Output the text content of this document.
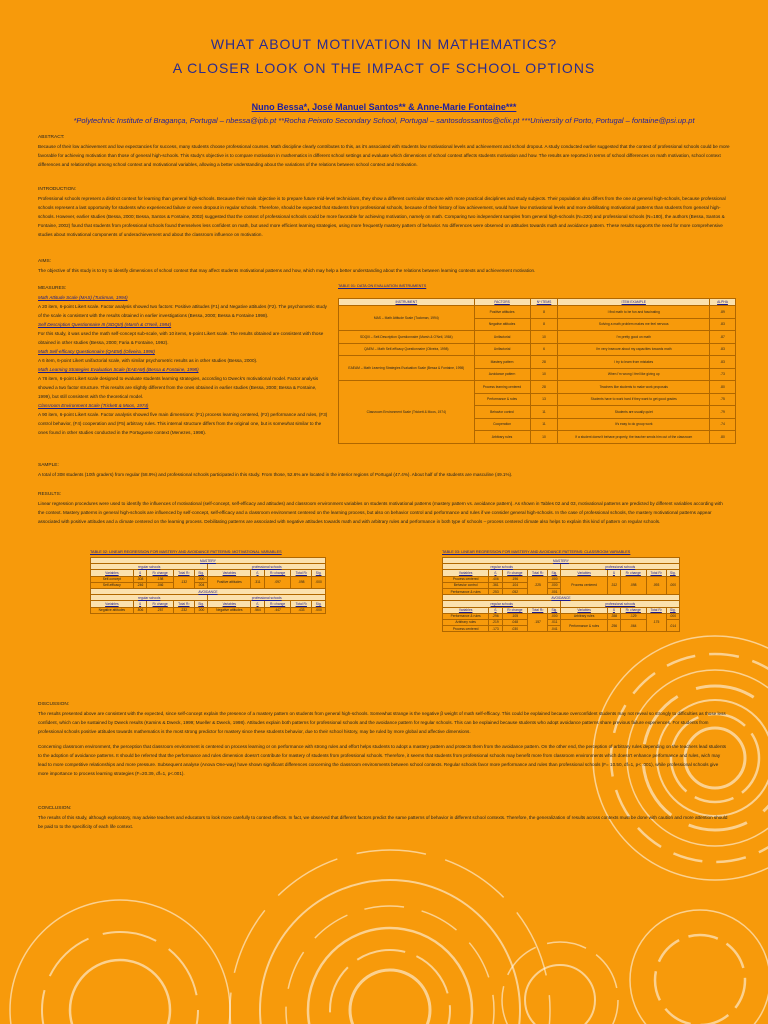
WHAT ABOUT MOTIVATION IN MATHEMATICS?
A CLOSER LOOK ON THE IMPACT OF SCHOOL OPTIONS
Nuno Bessa*, José Manuel Santos** & Anne-Marie Fontaine***
*Polytechnic Institute of Bragança, Portugal – nbessa@ipb.pt **Rocha Peixoto Secondary School, Portugal – santosdossantos@clix.pt ***University of Porto, Portugal – fontaine@psi.up.pt
ABSTRACT:

Because of their low achievement and low expectancies for success, many students choose professional courses. Math discipline clearly contributes to this, as it's associated with students low motivational levels and achievement and school dropout. A study conducted earlier suggested that the context of professional schools could be more favorable for achieving motivation than those of general high-schools. This study's objective is to compare motivation in mathematics in different school settings and evaluate which dimensions of school context affects students motivation and how. The results are reported in terms of school differences on math motivation, school context differences and relationships among school context and motivational variables, allowing a better understanding about the variations of the relations between school context and motivation.

INTRODUCTION:

Professional schools represent a distinct context for learning than general high-schools. Because their main objective is to prepare future mid-level technicians, they show a different curricular structure with more practical disciplines and study subjects. Their population also differs from the one at general high-schools, because professional schools represent a last opportunity for students who experienced failure or even dropout in regular schools. Therefore, should be expected that students from professional schools, because of their history of low achievement, would have low motivational levels and more debilitating motivational patterns than students from general high-schools. However, earlier studies (Bessa, 2000; Bessa, Santos & Fontaine, 2002) suggested that the context of professional schools could be more favorable for achieving motivation, namely on math. Comparing two independent samples from general high-schools (N=220) and professional schools (N=180), the authors (Bessa, Santos & Fontaine, 2002) found that students from professional schools found themselves less confident on math, but used more efficient learning strategies, using more frequently mastery pattern of behavior. No differences were observed on attitudes towards math and avoidance pattern. These results supports the need for more comprehensive studies about motivational components of underachievement and about the classroom influence on motivation.

AIMS:

The objective of this study is to try to identify dimensions of school context that may affect students motivational patterns and how, which may help a better understanding about the relations between learning contexts and achievement motivation.

MEASURES:
Math Attitude Scale (MAS) (Tuckman, 1994)

A 20 item, 6-point Likert scale. Factor analysis showed two factors: Positive attitudes (F1) and Negative attitudes (F2). The psychometric study of the scale is consistent with the results obtained in earlier investigations (Bessa, 2000; Bessa & Fontaine 1998).

Self Description Questionnaire III (SDQIII) (Marsh & O'Neil, 1984)

For this study, it was used the math self-concept sub-scale, with 10 items, 6-point Likert scale. The results obtained are consistent with those obtained in other studies (Bessa, 2000; Faria & Fontaine, 1992).

Math Self-efficacy Questionnaire (QAEM) (Oliveira, 1998)

A 6 item, 6-point Likert unifactorial scale, with similar psychometric results as in other studies (Bessa, 2000).

Math Learning Strategies Evaluation Scale (EAEAM) (Bessa & Fontaine, 1998)

A 78 item, 6-point Likert scale designed to evaluate students learning strategies, according to Dweck's motivational model. Factor analysis showed a two factor structure. This results are slightly different from the ones obtained in earlier studies (Bessa, 2000; Bessa & Fontaine, 1999), but still consistent with the theoretical model.

Classroom Environment Scale (Trickett & Moos, 1974)

A 90 item, 6-point Likert scale. Factor analysis showed five main dimensions: (F1) process learning centered, (F2) performance and rules, (F3) control behavior, (F4) cooperation and (F5) arbitrary rules. This internal structure differs from the original one, but is somewhat similar to the ones found in other studies conducted in the Portuguese context (Menezes, 1998).

TABLE 01: DATA ON EVALUATION INSTRUMENTS
INSTRUMENT	FACTORS	Nº ITEMS	ITEM EXAMPLE	ALPHA
MAS – Math Attitude Scale (Tuckman, 1994)	Positive attitudes	8	I find math to be fun and fascinating	.89
	Negative attitudes	8	Solving a math problem makes me feel nervous	.83
SDQIII – Self-Description Questionnaire (Marsh & O'Neil, 1984)	Unifactorial	10	I'm pretty good on math	.87
QAEM – Math Self-efficacy Questionnaire (Oliveira, 1998)	Unifactorial	6	I'm very insecure about my capacities towards math	.83
EAEAM – Math Learning Strategies Evaluation Scale (Bessa & Fontaine, 1998)	Mastery pattern	28	I try to learn from mistakes	.83
	Avoidance pattern	10	When I'm wrong I feel like giving up	.73
Classroom Environment Scale (Trickett & Moos, 1974)	Process learning centered	28	Teachers like students to make work proposals	.80
	Performance & rules	13	Students have to work hard if they want to get good grades	.75
	Behavior control	11	Students are usually quiet	.79
	Cooperation	11	It's easy to do group work	.74
	Arbitrary rules	10	If a student doesn't behave properly, the teacher sends him out of the classroom	.80
SAMPLE:

A total of 308 students (10th graders) from regular (58.9%) and professional schools participated in this study. From those, 52.6% are located in the interior regions of Portugal (47.4%). About half of the students are masculine (49.1%).

RESULTS:

Linear regression procedures were used to identify the influences of motivational (self-concept, self-efficacy and attitudes) and classroom environment variables on students motivational patterns (mastery pattern vs. avoidance pattern). As shown in Tables 02 and 03, motivational patterns are predicted by different variables according with the context. Mastery patterns in general high-schools are influenced by self-concept, self-efficacy and a classroom environment centered on the learning process, but also on behavior control and performance and rules if we consider general high-schools. In the case of professional schools, the mastery motivational patterns appear associated with positive attitudes and a climate centered on the learning process. Debilitating patterns are associated with negative attitudes towards math and with arbitrary rules and performance in both type of schools – process centered climate also helps to explain this kind of pattern on regular schools.

TABLE 02: LINEAR REGRESSION FOR MASTERY AND AVOIDANCE PATTERNS: MOTIVATIONAL VARIABLES
MASTERY									
regular schools					professional schools				
Variables	ß	R² change	Total R²	Sig.	Variables	ß	R² change	Total R²	Sig.
Self-concept	.308	.198	.132	.000	Positive attitudes	.311	.097	.098	.000
Self-efficacy	.246	.046		.004					
AVOIDANCE									
regular schools					professional schools				
Variables	ß	R² change	Total R²	Sig.	Variables	ß	R² change	Total R²	Sig.
Negative attitudes	.506	.257	.232	.000	Negative attitudes	.564	.447	.433	.000
TABLE 03: LINEAR REGRESSION FOR MASTERY AND AVOIDANCE PATTERNS: CLASSROOM VARIABLES
MASTERY									
regular schools					professional schools				
Variables	ß	R² change	Total R²	Sig.	Variables	ß	R² change	Total R²	Sig.
Process centered	.406	.196	.225	.000	Process centered	.312	.098	.093	.000
Behavior control	.361	.104		.000					
Performance & rules	.253	.052		.001					
AVOIDANCE									
regular schools					professional schools				
Variables	ß	R² change	Total R²	Sig.	Variables	ß	R² change	Total R²	Sig.
Performance & rules	.296	.105	.157	.000	Arbitrary rules	.358	.129	.175	.000
Arbitrary rules	.219	.048		.011	Performance & rules	.256	.064		.014
Process centered	.173	.030		.041					
DISCUSSION:

The results presented above are consistent with the expected, since self-concept explain the presence of a mastery pattern on students from general high-schools. Somewhat strange is the negative β weight of math self-efficacy. This could be explained because overconfident students may not reveal so strongly to difficulties as those less confident, which can be sustained by Dweck results (Kamins & Dweck, 1999; Mueller & Dweck, 1998). Attitudes explain both patterns for professional schools and the avoidance pattern for regular schools. This can be explained because students who adopt avoidance patterns share previous failure experiences. For students from professional schools positive attitudes towards mathematics is the most strong predictor for mastery since these students behavior, due to their school history, may be ruled by more global and affective dimensions.

Concerning classroom environment, the perception that classroom environment is centered on process learning or on performance with strong rules and effort helps students to adopt a mastery pattern and protects them from the avoidance pattern. On the other end, the perception of arbitrary rules depending on the teachers lead students to the adoption of avoidance patterns. It should be referred that the performance and rules dimension doesn't contribute for mastery of students from professional schools. Therefore, it seems that students from professional schools may benefit more from classroom environments which doesn't enhance performance and rules, wich may lead to more competitive relationships and more pressure. Subsequent analyse (Anova One-way) have shown significant differences concerning the classroom environments between school contexts. Regular schools favor more performance and rules than professional schools (F= 10.50, df=1, p< .001), while professional schools give more importance to process learning strategies (F=20.39, df=1, p<.001).

CONCLUSION:

The results of this study, although exploratory, may advise teachers and educators to look more carefully to context effects. In fact, we observed that different factors predict the same patterns of behavior in different school contexts. Therefore, the generalization of results across contexts must be done with caution and more attention should be paid to to the specificity of each life context.
